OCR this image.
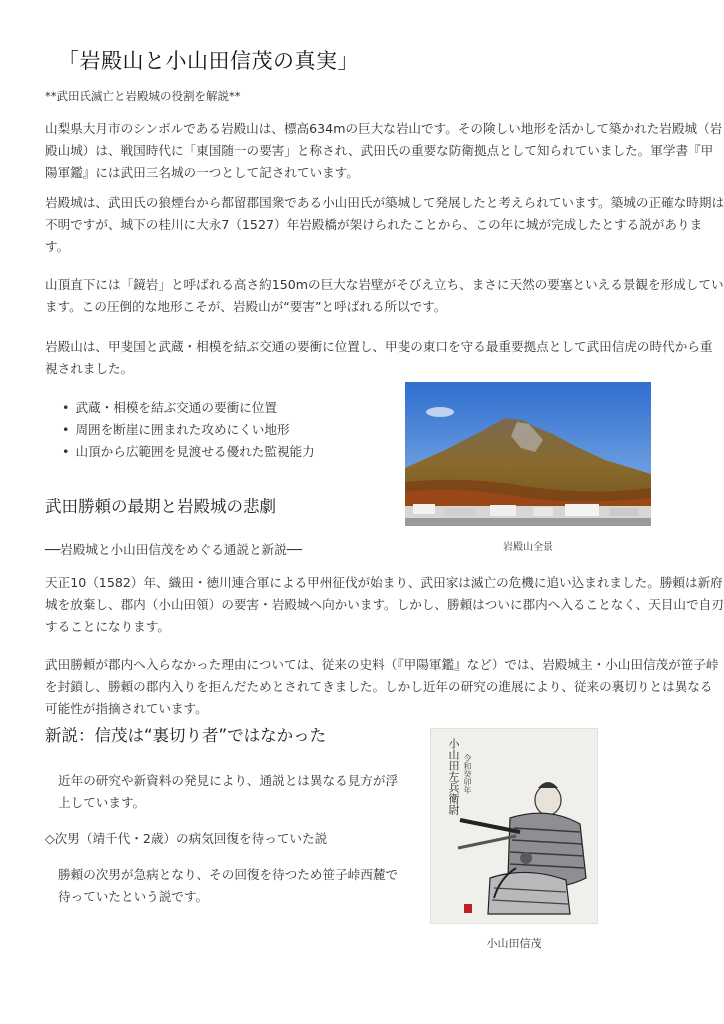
「岩殿山と小山田信茂の真実」
**武田氏滅亡と岩殿城の役割を解説**
山梨県大月市のシンボルである岩殿山は、標高634mの巨大な岩山です。その険しい地形を活かして築かれた岩殿城（岩殿山城）は、戦国時代に「東国随一の要害」と称され、武田氏の重要な防衛拠点として知られていました。軍学書『甲陽軍鑑』には武田三名城の一つとして記されています。
岩殿城は、武田氏の狼煙台から都留郡国衆である小山田氏が築城して発展したと考えられています。築城の正確な時期は不明ですが、城下の桂川に大永7（1527）年岩殿橋が架けられたことから、この年に城が完成したとする説があります。
山頂直下には「鏡岩」と呼ばれる高さ約150mの巨大な岩壁がそびえ立ち、まさに天然の要塞といえる景観を形成しています。この圧倒的な地形こそが、岩殿山が“要害”と呼ばれる所以です。
岩殿山は、甲斐国と武蔵・相模を結ぶ交通の要衝に位置し、甲斐の東口を守る最重要拠点として武田信虎の時代から重視されました。
• 武蔵・相模を結ぶ交通の要衝に位置
• 周囲を断崖に囲まれた攻めにくい地形
• 山頂から広範囲を見渡せる優れた監視能力
岩殿山全景
武田勝頼の最期と岩殿城の悲劇
──岩殿城と小山田信茂をめぐる通説と新説──
天正10（1582）年、織田・徳川連合軍による甲州征伐が始まり、武田家は滅亡の危機に追い込まれました。勝頼は新府城を放棄し、郡内（小山田領）の要害・岩殿城へ向かいます。しかし、勝頼はついに郡内へ入ることなく、天目山で自刃することになります。
武田勝頼が郡内へ入らなかった理由については、従来の史料（『甲陽軍鑑』など）では、岩殿城主・小山田信茂が笹子峠を封鎖し、勝頼の郡内入りを拒んだためとされてきました。しかし近年の研究の進展により、従来の裏切りとは異なる可能性が指摘されています。
新説：信茂は“裏切り者”ではなかった
近年の研究や新資料の発見により、通説とは異なる見方が浮上しています。
◇次男（靖千代・2歳）の病気回復を待っていた説
勝頼の次男が急病となり、その回復を待つため笹子峠西麓で待っていたという説です。
小山田左兵衛尉 令和癸卯年
小山田信茂
